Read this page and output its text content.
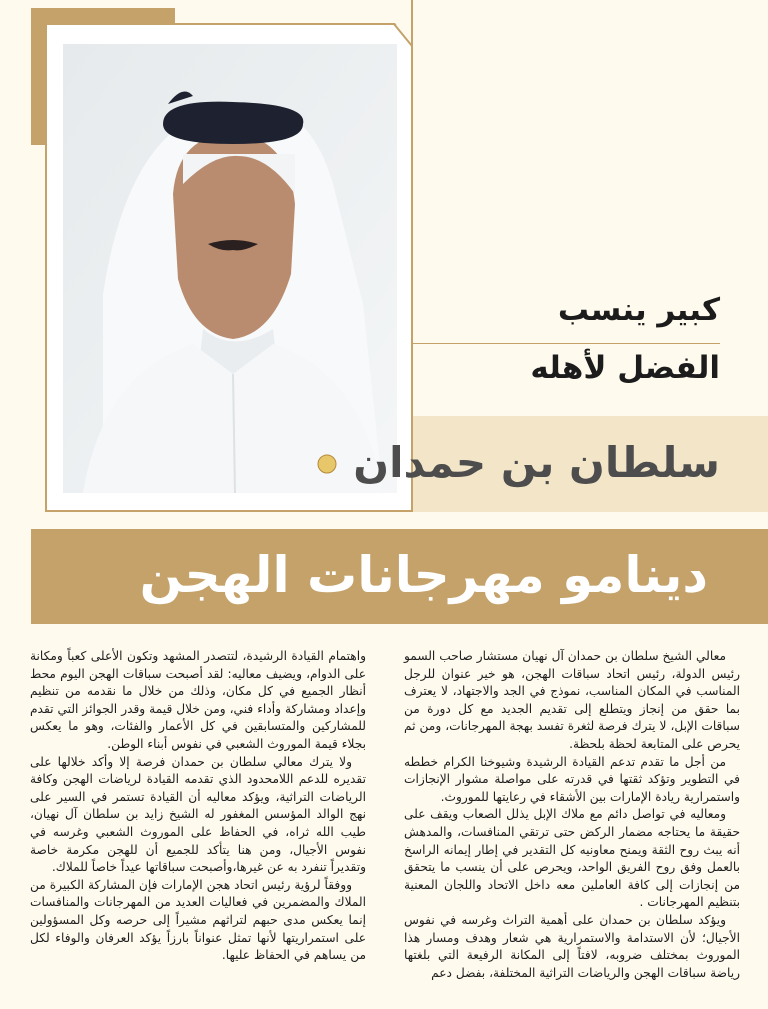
كبير ينسب
الفضل لأهله
سلطان بن حمدان
دينامو مهرجانات الهجن

معالي الشيخ سلطان بن حمدان آل نهيان مستشار صاحب السمو رئيس الدولة، رئيس اتحاد سباقات الهجن، هو خير عنوان للرجل المناسب في المكان المناسب، نموذج في الجد والاجتهاد، لا يعترف بما حقق من إنجاز ويتطلع إلى تقديم الجديد مع كل دورة من سباقات الإبل، لا يترك فرصة لثغرة تفسد بهجة المهرجانات، ومن ثم يحرص على المتابعة لحظة بلحظة.

من أجل ما تقدم تدعم القيادة الرشيدة وشيوخنا الكرام خططه في التطوير وتؤكد ثقتها في قدرته على مواصلة مشوار الإنجازات واستمرارية ريادة الإمارات بين الأشقاء في رعايتها للموروث.

ومعاليه في تواصل دائم مع ملاك الإبل يذلل الصعاب ويقف على حقيقة ما يحتاجه مضمار الركض حتى ترتقي المنافسات، والمدهش أنه يبث روح الثقة ويمنح معاونيه كل التقدير في إطار إيمانه الراسخ بالعمل وفق روح الفريق الواحد، ويحرص على أن ينسب ما يتحقق من إنجازات إلى كافة العاملين معه داخل الاتحاد واللجان المعنية بتنظيم المهرجانات .

ويؤكد سلطان بن حمدان على أهمية التراث وغرسه في نفوس الأجيال؛ لأن الاستدامة والاستمرارية هي شعار وهدف ومسار هذا الموروث بمختلف ضروبه، لافتاً إلى المكانة الرفيعة التي بلغتها رياضة سباقات الهجن والرياضات التراثية المختلفة، بفضل دعم

واهتمام القيادة الرشيدة، لتتصدر المشهد وتكون الأعلى كعباً ومكانة على الدوام، ويضيف معاليه: لقد أصبحت سباقات الهجن اليوم محط أنظار الجميع في كل مكان، وذلك من خلال ما نقدمه من تنظيم وإعداد ومشاركة وأداء فني، ومن خلال قيمة وقدر الجوائز التي تقدم للمشاركين والمتسابقين في كل الأعمار والفئات، وهو ما يعكس بجلاء قيمة الموروث الشعبي في نفوس أبناء الوطن.

ولا يترك معالي سلطان بن حمدان فرصة إلا وأكد خلالها على تقديره للدعم اللامحدود الذي تقدمه القيادة لرياضات الهجن وكافة الرياضات التراثية، ويؤكد معاليه أن القيادة تستمر في السير على نهج الوالد المؤسس المغفور له الشيخ زايد بن سلطان آل نهيان، طيب الله ثراه، في الحفاظ على الموروث الشعبي وغرسه في نفوس الأجيال، ومن هنا يتأكد للجميع أن للهجن مكرمة خاصة وتقديراً تنفرد به عن غيرها،وأصبحت سباقاتها عيداً خاصاً للملاك.

ووفقاً لرؤية رئيس اتحاد هجن الإمارات فإن المشاركة الكبيرة من الملاك والمضمرين في فعاليات العديد من المهرجانات والمنافسات إنما يعكس مدى حبهم لتراثهم مشيراً إلى حرصه وكل المسؤولين على استمراريتها لأنها تمثل عنواناً بارزاً يؤكد العرفان والوفاء لكل من يساهم في الحفاظ عليها.
